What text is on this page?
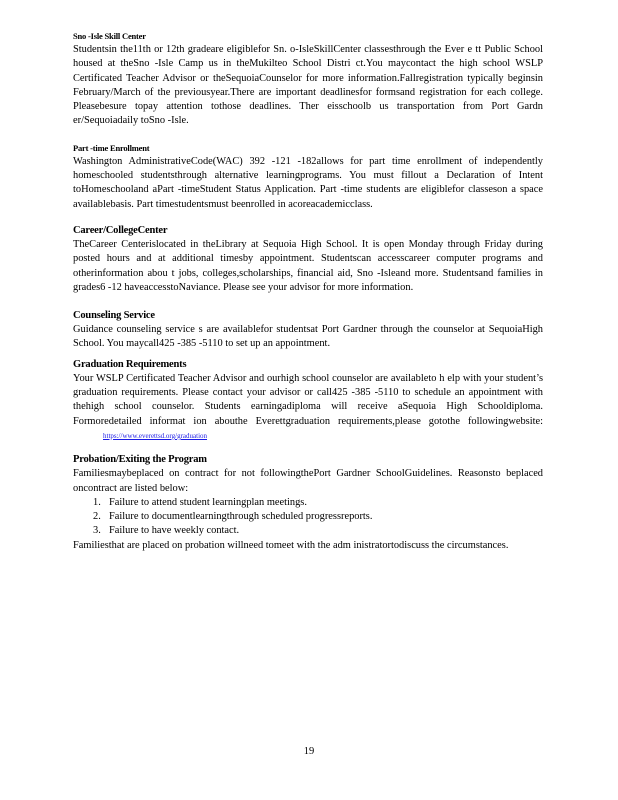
Sno -Isle Skill Center

Studentsin the11th or 12th gradeare eligiblefor Sn. o-IsleSkillCenter classesthrough the Ever e tt Public School housed at theSno -Isle Camp us in theMukilteo School Distri ct.You maycontact the high school WSLP Certificated Teacher Advisor or theSequoiaCounselor for more information.Fallregistration typically beginsin February/March of the previousyear.There are important deadlinesfor formsand registration for each college. Pleasebesure topay attention tothose deadlines. Ther eisschoolb us transportation from Port Gardn er/Sequoiadaily toSno -Isle.

Part -time Enrollment

Washington AdministrativeCode(WAC) 392 -121 -182allows for part time enrollment of independently homeschooled studentsthrough alternative learningprograms. You must fillout a Declaration of Intent toHomeschooland aPart -timeStudent Status Application. Part -time students are eligiblefor classeson a space availablebasis. Part timestudentsmust beenrolled in acoreacademicclass.

Career/CollegeCenter

TheCareer Centerislocated in theLibrary at Sequoia High School. It is open Monday through Friday during posted hours and at additional timesby appointment. Studentscan accesscareer computer programs and otherinformation abou t jobs, colleges,scholarships, financial aid, Sno -Isleand more. Studentsand families in grades6 -12 haveaccesstoNaviance. Please see your advisor for more information.

Counseling Service

Guidance counseling service s are availablefor studentsat Port Gardner through the counselor at SequoiaHigh School. You maycall425 -385 -5110 to set up an appointment.

Graduation Requirements

Your WSLP Certificated Teacher Advisor and ourhigh school counselor are availableto h elp with your student’s graduation requirements. Please contact your advisor or call425 -385 -5110 to schedule an appointment with thehigh school counselor. Students earningadiploma will receive aSequoia High Schooldiploma. Formoredetailed informat ion abouthe Everettgraduation requirements,please gotothe followingwebsite: https://www.everettsd.org/graduation

Probation/Exiting the Program

Familiesmaybeplaced on contract for not followingthePort Gardner SchoolGuidelines. Reasonsto beplaced oncontract are listed below:

1. Failure to attend student learningplan meetings.
2. Failure to documentlearningthrough scheduled progressreports.
3. Failure to have weekly contact.

Familiesthat are placed on probation willneed tomeet with the adm inistratortodiscuss the circumstances.

19
